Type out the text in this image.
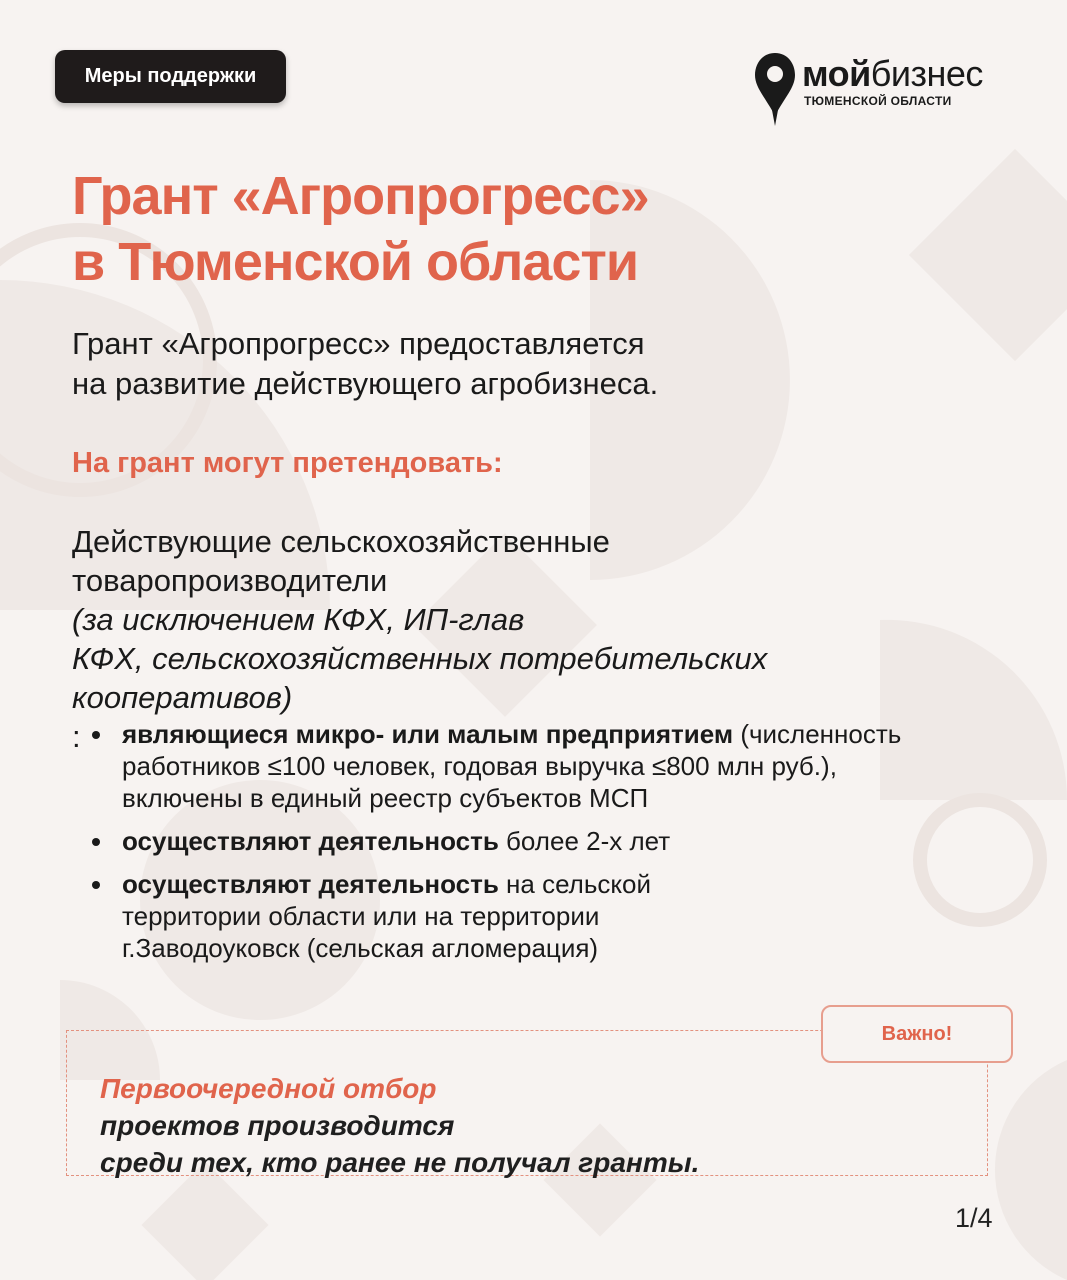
Меры поддержки	мойбизнес
ТЮМЕНСКОЙ ОБЛАСТИ
Грант «Агропрогресс»
в Тюменской области

Грант «Агропрогресс» предоставляется
на развитие действующего агробизнеса.

На грант могут претендовать:

Действующие сельскохозяйственные
товаропроизводители
(за исключением КФХ, ИП-глав
КФХ, сельскохозяйственных потребительских
кооперативов)
:	являющиеся микро- или малым предприятием (численность
работников ≤100 человек, годовая выручка ≤800 млн руб.),
включены в единый реестр субъектов МСП
осуществляют деятельность более 2-х лет
осуществляют деятельность на сельской
территории области или на территории
г.Заводоуковск (сельская агломерация)
Важно!

Первоочередной отбор
проектов производится
среди тех, кто ранее не получал гранты.

1/4
